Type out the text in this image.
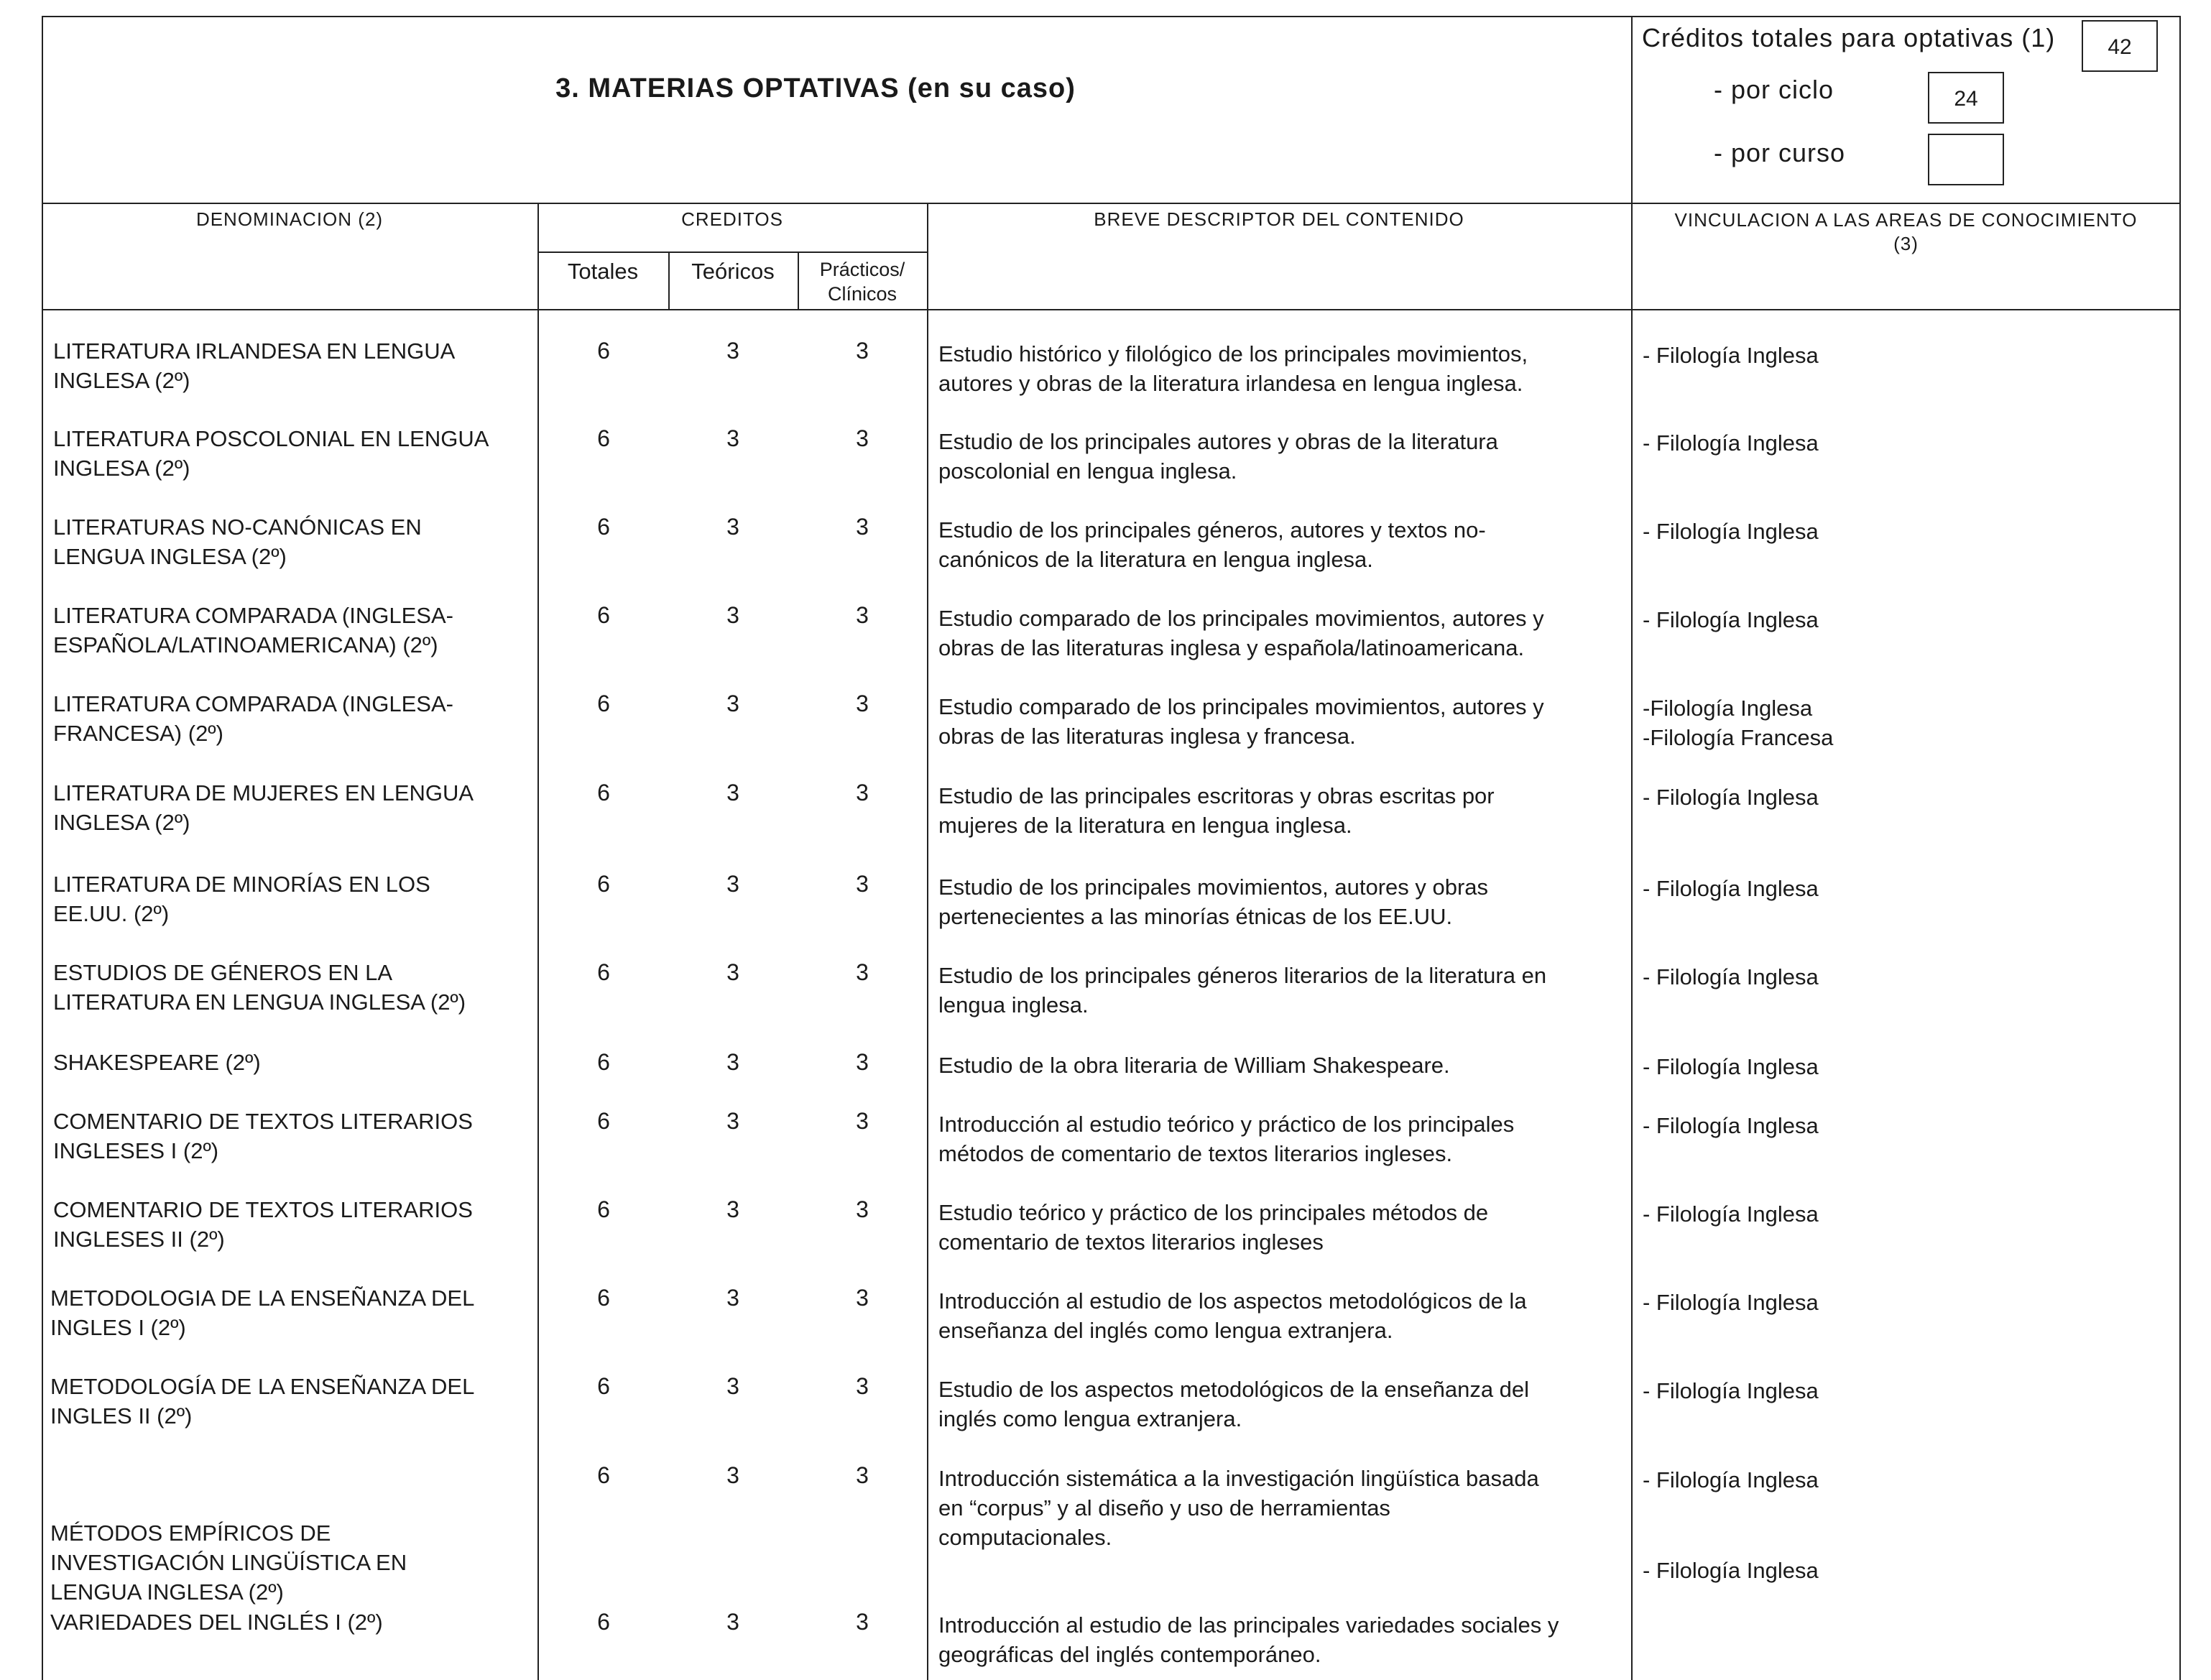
3. MATERIAS OPTATIVAS (en su caso)
Créditos totales para optativas (1)	42
- por ciclo	24
- por curso
DENOMINACION (2)	CREDITOS
Totales	Teóricos	Prácticos/
Clínicos
BREVE DESCRIPTOR DEL CONTENIDO	VINCULACION A LAS AREAS DE CONOCIMIENTO
(3)
LITERATURA IRLANDESA EN LENGUA
INGLESA (2º)
6	3	3	Estudio histórico y filológico de los principales movimientos,
autores y obras de la literatura irlandesa en lengua inglesa.
- Filología Inglesa
LITERATURA POSCOLONIAL EN LENGUA
INGLESA (2º)
6	3	3	Estudio de los principales autores y obras de la literatura
poscolonial en lengua inglesa.
- Filología Inglesa
LITERATURAS NO-CANÓNICAS EN
LENGUA INGLESA (2º)
6	3	3	Estudio de los principales géneros, autores y textos no-
canónicos de la literatura en lengua inglesa.
- Filología Inglesa
LITERATURA COMPARADA (INGLESA-
ESPAÑOLA/LATINOAMERICANA) (2º)
6	3	3	Estudio comparado de los principales movimientos, autores y
obras de las literaturas inglesa y española/latinoamericana.
- Filología Inglesa
LITERATURA COMPARADA (INGLESA-
FRANCESA) (2º)
6	3	3	Estudio comparado de los principales movimientos, autores y
obras de las literaturas inglesa y francesa.
-Filología Inglesa
-Filología Francesa
LITERATURA DE MUJERES EN LENGUA
INGLESA (2º)
6	3	3	Estudio de las principales escritoras y obras escritas por
mujeres de la literatura en lengua inglesa.
- Filología Inglesa
LITERATURA DE MINORÍAS EN LOS
EE.UU. (2º)
6	3	3	Estudio de los principales movimientos, autores y obras
pertenecientes a las minorías étnicas de los EE.UU.
- Filología Inglesa
ESTUDIOS DE GÉNEROS EN LA
LITERATURA EN LENGUA INGLESA (2º)
6	3	3	Estudio de los principales géneros literarios de la literatura en
lengua inglesa.
- Filología Inglesa
SHAKESPEARE (2º)	6	3	3	Estudio de la obra literaria de William Shakespeare.	- Filología Inglesa
COMENTARIO DE TEXTOS LITERARIOS
INGLESES I (2º)
6	3	3	Introducción al estudio teórico y práctico de los principales
métodos de comentario de textos literarios ingleses.
- Filología Inglesa
COMENTARIO DE TEXTOS LITERARIOS
INGLESES II (2º)
6	3	3	Estudio teórico y práctico de los principales métodos de
comentario de textos literarios ingleses
- Filología Inglesa
METODOLOGIA DE LA ENSEÑANZA DEL
INGLES I (2º)
6	3	3	Introducción al estudio de los aspectos metodológicos de la
enseñanza del inglés como lengua extranjera.
- Filología Inglesa
METODOLOGÍA DE LA ENSEÑANZA DEL
INGLES II (2º)
6	3	3	Estudio de los aspectos metodológicos de la enseñanza del
inglés como lengua extranjera.
- Filología Inglesa
MÉTODOS EMPÍRICOS DE
INVESTIGACIÓN LINGÜÍSTICA EN
LENGUA INGLESA (2º)
6	3	3	Introducción sistemática a la investigación lingüística basada
en “corpus” y al diseño y uso de herramientas
computacionales.
- Filología Inglesa
VARIEDADES DEL INGLÉS I (2º)	6	3	3	Introducción al estudio de las principales variedades sociales y
geográficas del inglés contemporáneo.
- Filología Inglesa
